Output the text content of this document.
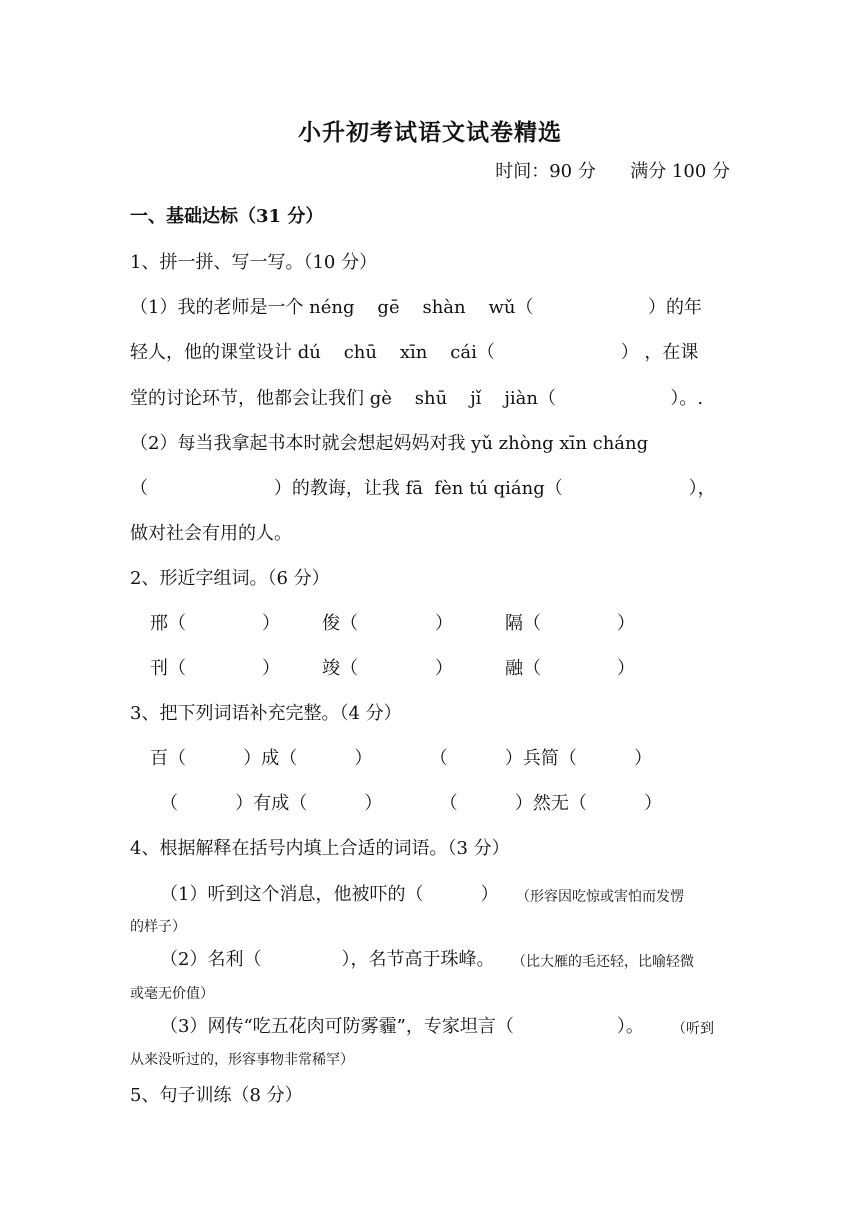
小升初考试语文试卷精选
时间：90 分      满分 100 分
一、基础达标（31 分）
1、拼一拼、写一写。（10 分）
（1）我的老师是一个 néng    gē    shàn    wǔ（                    ）的年
轻人，他的课堂设计 dú    chū    xīn    cái（                      ） ，在课
堂的讨论环节，他都会让我们 gè    shū    jǐ    jiàn（                    ）。.
（2）每当我拿起书本时就会想起妈妈对我 yǔ zhòng xīn cháng
（                      ）的教诲，让我 fā  fèn tú qiáng（                      ），
做对社会有用的人。
2、形近字组词。（6 分）
邢（	） 俊（	）	隔（	）
刊（	） 竣（	）	融（	）
3、把下列词语补充完整。（4 分）
百（          ）成（          ）          （          ）兵简（          ）
（          ）有成（          ）          （          ）然无（          ）
4、根据解释在括号内填上合适的词语。（3 分）
（1）听到这个消息，他被吓的（          ） （形容因吃惊或害怕而发愣
的样子）
（2）名利（              ），名节高于珠峰。 （比大雁的毛还轻，比喻轻微
或毫无价值）
（3）网传“吃五花肉可防雾霾”，专家坦言（                  ）。 （听到
从来没听过的，形容事物非常稀罕）
5、句子训练（8 分）
